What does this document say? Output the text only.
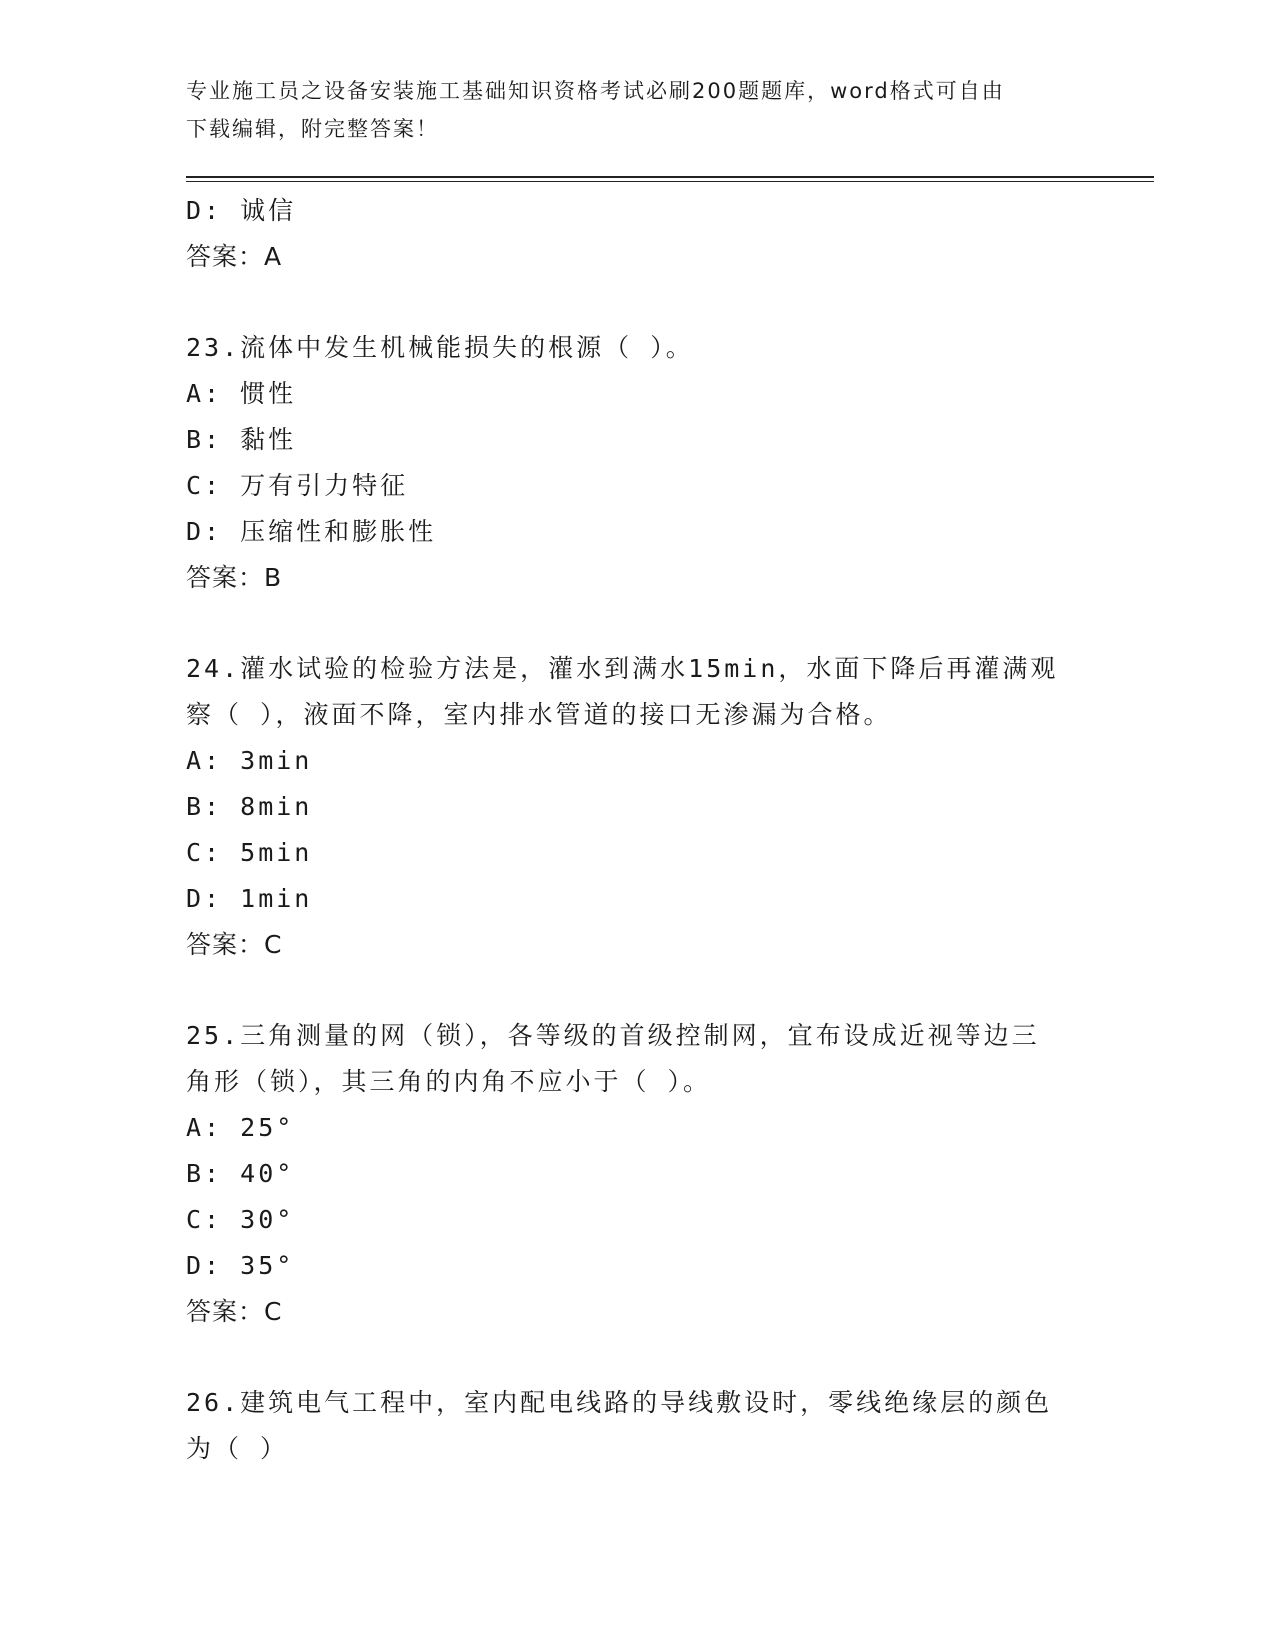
专业施工员之设备安装施工基础知识资格考试必刷200题题库，word格式可自由
下载编辑，附完整答案！
D: 诚信
答案：A
23.流体中发生机械能损失的根源（ ）。
A: 惯性
B: 黏性
C: 万有引力特征
D: 压缩性和膨胀性
答案：B
24.灌水试验的检验方法是，灌水到满水15min，水面下降后再灌满观
察（ ），液面不降，室内排水管道的接口无渗漏为合格。
A: 3min
B: 8min
C: 5min
D: 1min
答案：C
25.三角测量的网（锁），各等级的首级控制网，宜布设成近视等边三
角形（锁），其三角的内角不应小于（ ）。
A: 25°
B: 40°
C: 30°
D: 35°
答案：C
26.建筑电气工程中，室内配电线路的导线敷设时，零线绝缘层的颜色
为（ ）
